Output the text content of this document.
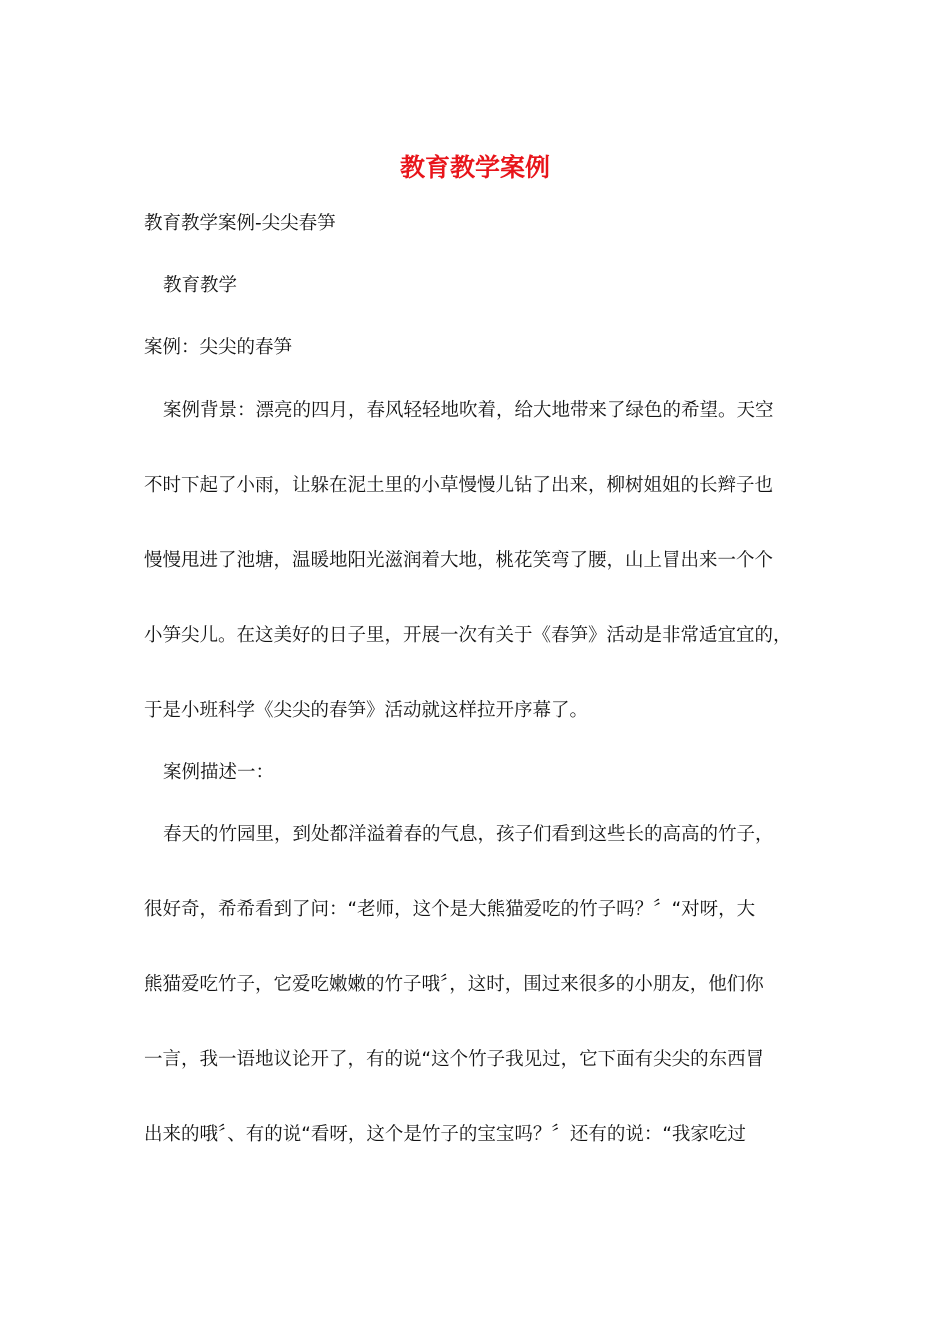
教育教学案例
教育教学案例-尖尖春笋
教育教学
案例：尖尖的春笋
案例背景：漂亮的四月，春风轻轻地吹着，给大地带来了绿色的希望。天空
不时下起了小雨，让躲在泥土里的小草慢慢儿钻了出来，柳树姐姐的长辫子也
慢慢甩进了池塘，温暖地阳光滋润着大地，桃花笑弯了腰，山上冒出来一个个
小笋尖儿。在这美好的日子里，开展一次有关于《春笋》活动是非常适宜宜的，
于是小班科学《尖尖的春笋》活动就这样拉开序幕了。
案例描述一：
春天的竹园里，到处都洋溢着春的气息，孩子们看到这些长的高高的竹子，
很好奇，希希看到了问：“老师，这个是大熊猫爱吃的竹子吗？〞“对呀，大
熊猫爱吃竹子，它爱吃嫩嫩的竹子哦〞，这时，围过来很多的小朋友，他们你
一言，我一语地议论开了，有的说“这个竹子我见过，它下面有尖尖的东西冒
出来的哦〞、有的说“看呀，这个是竹子的宝宝吗？〞还有的说：“我家吃过
